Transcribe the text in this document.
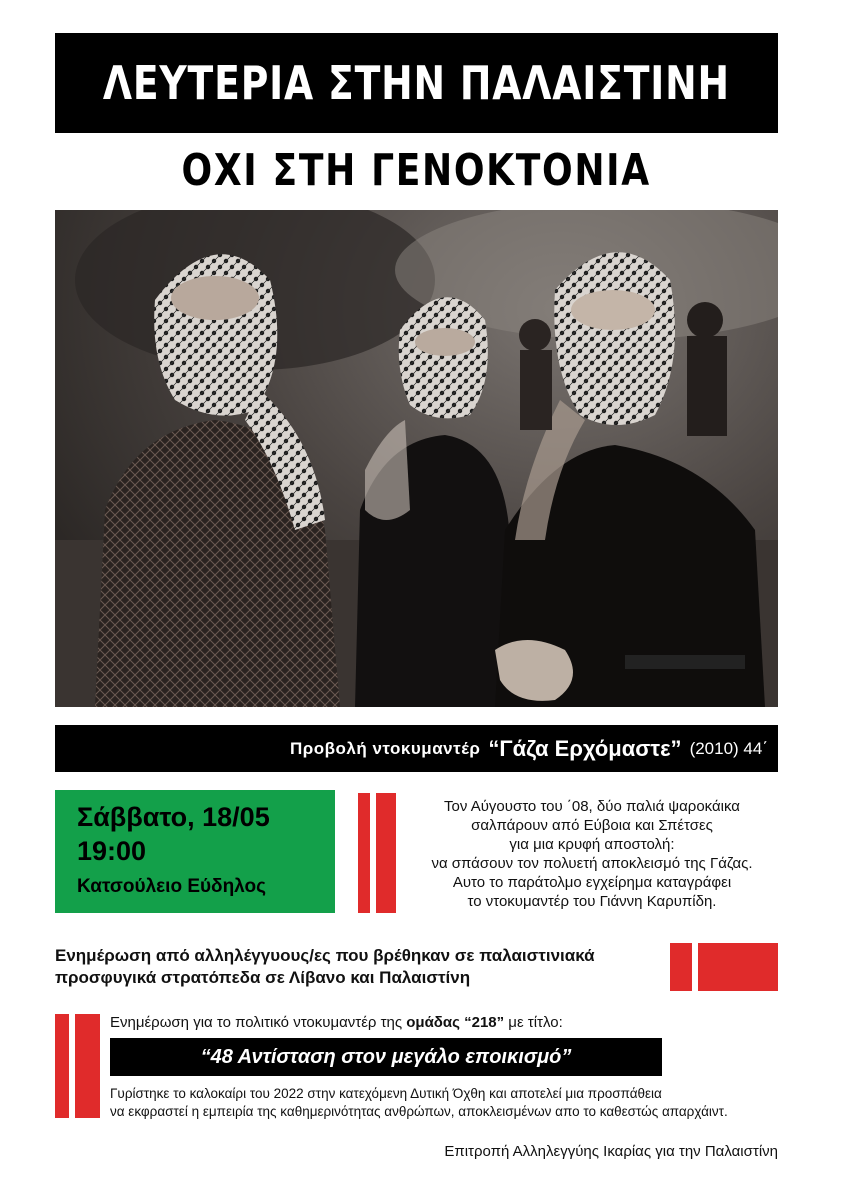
ΛΕΥΤΕΡΙΑ ΣΤΗΝ ΠΑΛΑΙΣΤΙΝΗ
ΟΧΙ ΣΤΗ ΓΕΝΟΚΤΟΝΙΑ
Προβολή ντοκυμαντέρ “Γάζα Ερχόμαστε” (2010) 44΄
Σάββατο, 18/05
19:00
Κατσούλειο Εύδηλος
Τον Αύγουστο του ΄08, δύο παλιά ψαροκάικα
σαλπάρουν από Εύβοια και Σπέτσες
για μια κρυφή αποστολή:
να σπάσουν τον πολυετή αποκλεισμό της Γάζας.
Αυτο το παράτολμο εγχείρημα καταγράφει
το ντοκυμαντέρ του Γιάννη Καρυπίδη.
Ενημέρωση από αλληλέγγυους/ες που βρέθηκαν σε παλαιστινιακά
προσφυγικά στρατόπεδα σε Λίβανο και Παλαιστίνη
Ενημέρωση για το πολιτικό ντοκυμαντέρ της ομάδας “218” με τίτλο:
“48 Αντίσταση στον μεγάλο εποικισμό”
Γυρίστηκε το καλοκαίρι του 2022 στην κατεχόμενη Δυτική Όχθη και αποτελεί μια προσπάθεια
να εκφραστεί η εμπειρία της καθημερινότητας ανθρώπων, αποκλεισμένων απο το καθεστώς απαρχάιντ.
Επιτροπή Αλληλεγγύης Ικαρίας για την Παλαιστίνη
